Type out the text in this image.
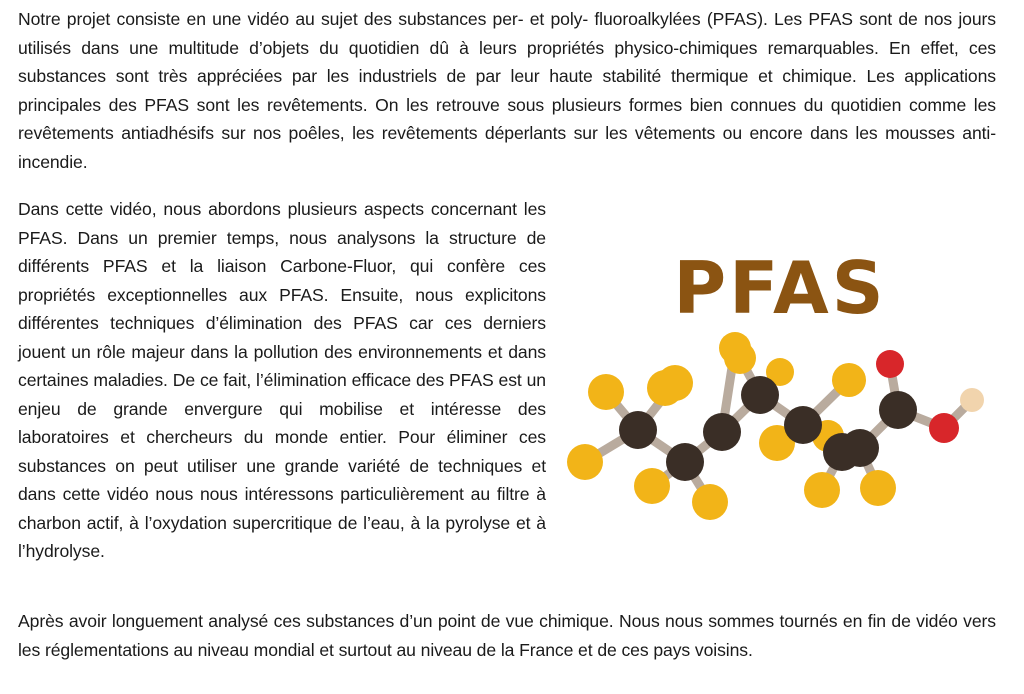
Notre projet consiste en une vidéo au sujet des substances per- et poly- fluoroalkylées (PFAS). Les PFAS sont de nos jours utilisés dans une multitude d’objets du quotidien dû à leurs propriétés physico-chimiques remarquables. En effet, ces substances sont très appréciées par les industriels de par leur haute stabilité thermique et chimique. Les applications principales des PFAS sont les revêtements. On les retrouve sous plusieurs formes bien connues du quotidien comme les revêtements antiadhésifs sur nos poêles, les revêtements déperlants sur les vêtements ou encore dans les mousses anti-incendie.

Dans cette vidéo, nous abordons plusieurs aspects concernant les PFAS. Dans un premier temps, nous analysons la structure de différents PFAS et la liaison Carbone-Fluor, qui confère ces propriétés exceptionnelles aux PFAS. Ensuite, nous explicitons différentes techniques d’élimination des PFAS car ces derniers jouent un rôle majeur dans la pollution des environnements et dans certaines maladies. De ce fait, l’élimination efficace des PFAS est un enjeu de grande envergure qui mobilise et intéresse des laboratoires et chercheurs du monde entier. Pour éliminer ces substances on peut utiliser une grande variété de techniques et dans cette vidéo nous nous intéressons particulièrement au filtre à charbon actif, à l’oxydation supercritique de l’eau, à la pyrolyse et à l’hydrolyse.

Après avoir longuement analysé ces substances d’un point de vue chimique. Nous nous sommes tournés en fin de vidéo vers les réglementations au niveau mondial et surtout au niveau de la France et de ces pays voisins.

PFAS
